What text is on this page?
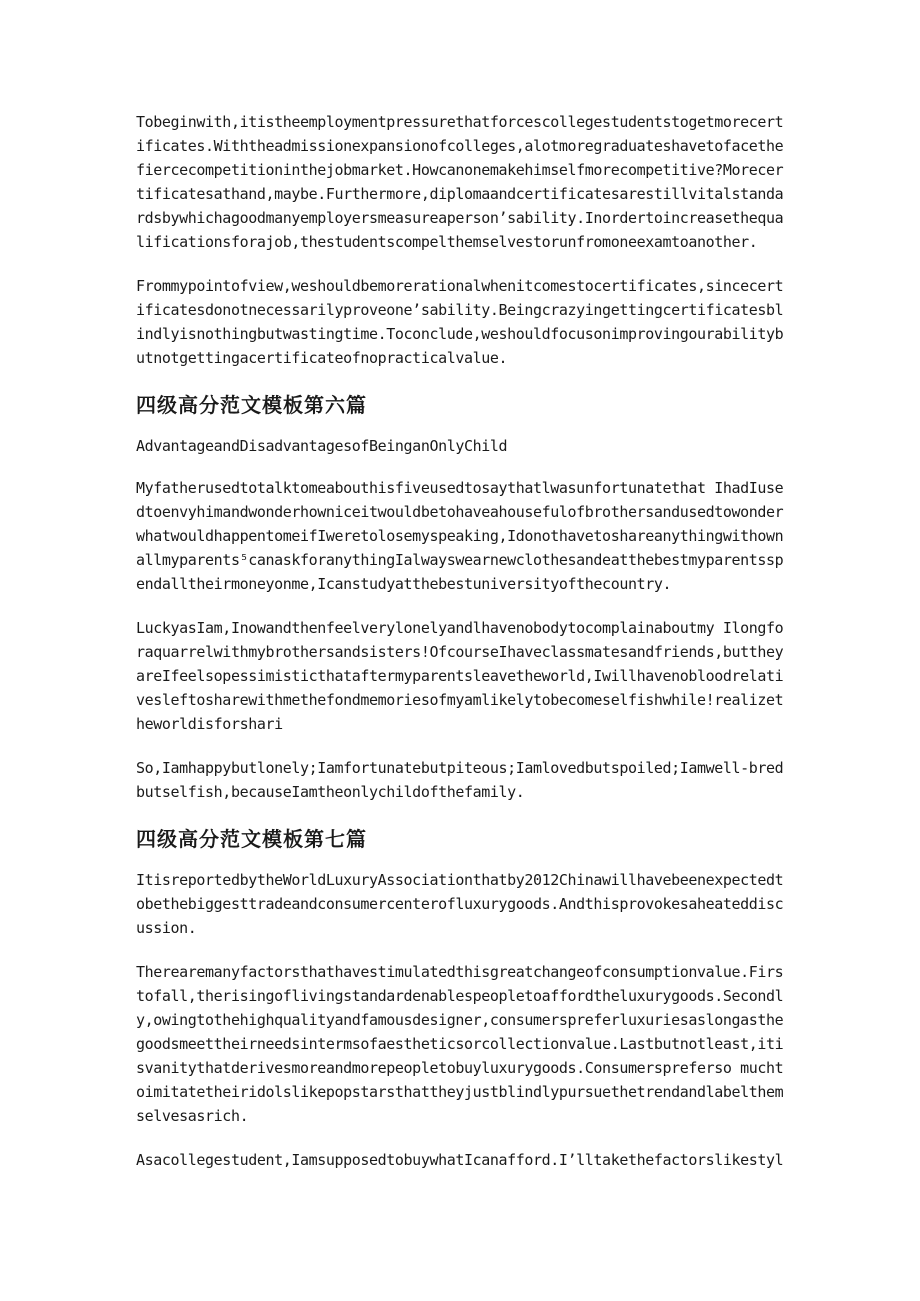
Tobeginwith,itistheemploymentpressurethatforcescollegestudentstogetmorecertificates.Withtheadmissionexpansionofcolleges,alotmoregraduateshavetofacethefiercecompetitioninthejobmarket.Howcanonemakehimselfmorecompetitive?Morecertificatesathand,maybe.Furthermore,diplomaandcertificatesarestillvitalstandardsbywhichagoodmanyemployersmeasureaperson’sability.Inordertoincreasethequalificationsforajob,thestudentscompelthemselvestorunfromoneexamtoanother.

Frommypointofview,weshouldbemorerationalwhenitcomestocertificates,sincecertificatesdonotnecessarilyproveone’sability.Beingcrazyingettingcertificatesblindlyisnothingbutwastingtime.Toconclude,weshouldfocusonimprovingourabilitybutnotgettingacertificateofnopracticalvalue.

四级高分范文模板第六篇

AdvantageandDisadvantagesofBeinganOnlyChild

Myfatherusedtotalktomeabouthisfiveusedtosaythatlwasunfortunatethat IhadIusedtoenvyhimandwonderhowniceitwouldbetohaveahousefulofbrothersandusedtowonderwhatwouldhappentomeifIweretolosemyspeaking,Idonothavetoshareanythingwithownallmyparents⁵canaskforanythingIalwayswearnewclothesandeatthebestmyparentsspendalltheirmoneyonme,Icanstudyatthebestuniversityofthecountry.

LuckyasIam,Inowandthenfeelverylonelyandlhavenobodytocomplainaboutmy Ilongforaquarrelwithmybrothersandsisters!OfcourseIhaveclassmatesandfriends,buttheyareIfeelsopessimisticthataftermyparentsleavetheworld,Iwillhavenobloodrelativesleftosharewithmethefondmemoriesofmyamlikelytobecomeselfishwhile!realizetheworldisforshari

So,Iamhappybutlonely;Iamfortunatebutpiteous;Iamlovedbutspoiled;Iamwell-bredbutselfish,becauseIamtheonlychildofthefamily.

四级高分范文模板第七篇

ItisreportedbytheWorldLuxuryAssociationthatby2012Chinawillhavebeenexpectedtobethebiggesttradeandconsumercenterofluxurygoods.Andthisprovokesaheateddiscussion.

Therearemanyfactorsthathavestimulatedthisgreatchangeofconsumptionvalue.Firstofall,therisingoflivingstandardenablespeopletoaffordtheluxurygoods.Secondly,owingtothehighqualityandfamousdesigner,consumerspreferluxuriesaslongasthegoodsmeettheirneedsintermsofaestheticsorcollectionvalue.Lastbutnotleast,itisvanitythatderivesmoreandmorepeopletobuyluxurygoods.Consumerspreferso muchtoimitatetheiridolslikepopstarsthattheyjustblindlypursuethetrendandlabelthemselvesasrich.

Asacollegestudent,IamsupposedtobuywhatIcanafford.I’lltakethefactorslikestyl
